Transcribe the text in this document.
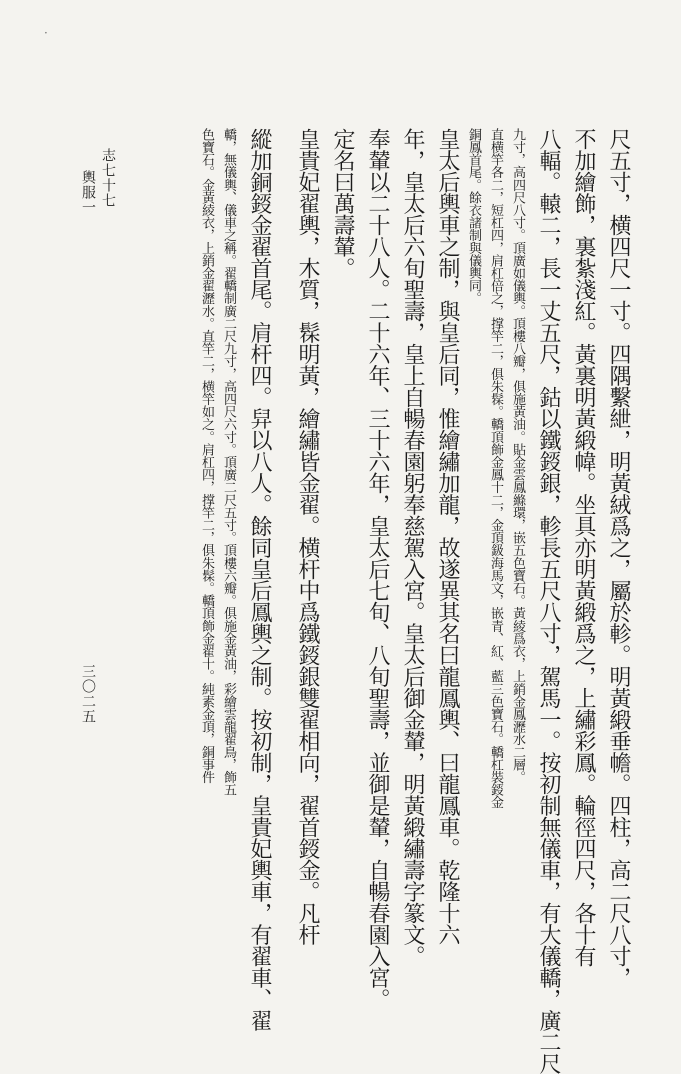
·
尺五寸，横四尺一寸。四隅繫紲，明黃絨爲之，屬於軫。明黃緞垂幨。四柱，高二尺八寸，
不加繪飾，裏紮淺紅。黃裏明黃緞幃。坐具亦明黃緞爲之，上繡彩鳳。輪徑四尺，各十有
八輻。轅二，長一丈五尺，鈷以鐵鋄銀，軫長五尺八寸，駕馬一。按初制無儀車，有大儀轎，廣二尺
九寸，高四尺八寸。頂廣如儀輿。頂樓八瓣，俱施黃油。貼金雲鳳縧環，嵌五色寶石。黃綾爲衣，上銷金鳳瀝水二層。
直横竿各二，短杠四，肩杠倍之，撑竿二，俱朱髹。轎頂飾金鳳十二，金頂鈒海馬文，嵌青、紅、藍三色寶石。轎杠裝鋄金
銅鳳首尾。餘衣諸制與儀輿同。
皇太后輿車之制，與皇后同，惟繪繡加龍，故遂異其名曰龍鳳輿、曰龍鳳車。乾隆十六
年，皇太后六旬聖壽，皇上自暢春園躬奉慈駕入宮。皇太后御金輦，明黃緞繡壽字篆文。
奉輦以二十八人。二十六年、三十六年，皇太后七旬、八旬聖壽，並御是輦，自暢春園入宮。
定名曰萬壽輦。
皇貴妃翟輿，木質，髹明黃，繪繡皆金翟。横杆中爲鐵鋄銀雙翟相向，翟首鋄金。凡杆
縱加銅鋄金翟首尾。肩杆四。舁以八人。餘同皇后鳳輿之制。按初制，皇貴妃輿車，有翟車、翟
轎，無儀輿、儀車之稱。翟轎制廣二尺九寸，高四尺六寸。頂廣二尺五寸。頂樓六瓣。俱施金黃油，彩繪雲龍翟鳥，飾五
色寶石。金黃綾衣，上銷金翟瀝水。直竿二，横竿如之。肩杠四，撑竿二，俱朱髹。轎頂飾金翟十。純素金頂，銅事件
志七十七
輿服一
三〇二五
